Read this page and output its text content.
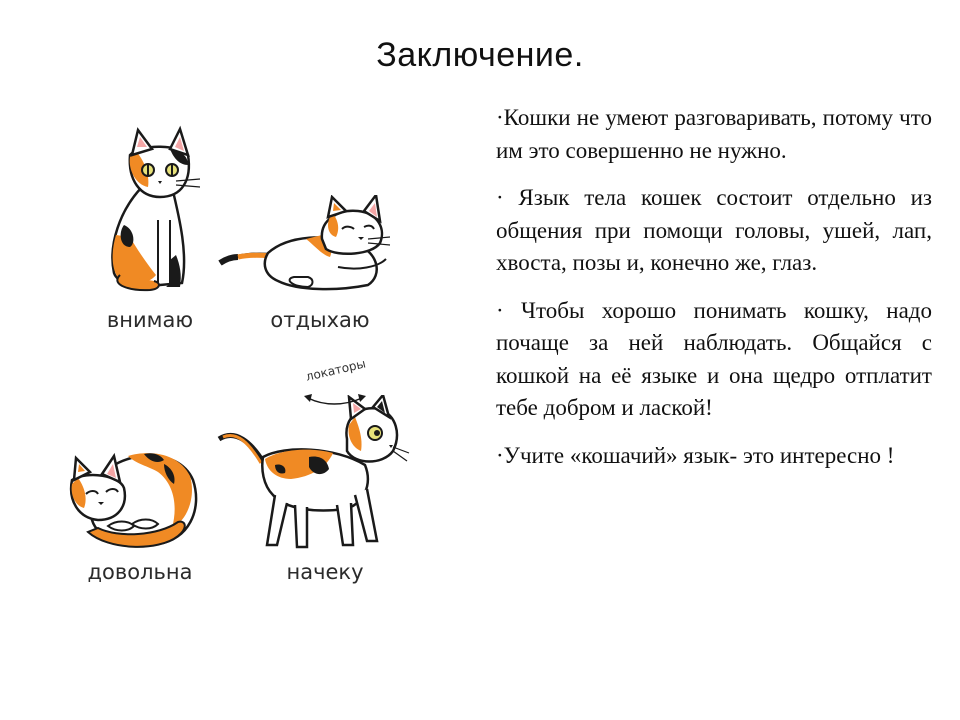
Заключение.

·Кошки не умеют разговаривать, потому что им это совершенно не нужно.

· Язык тела кошек состоит отдельно из общения при помощи головы, ушей, лап, хвоста, позы и, конечно же, глаз.

· Чтобы хорошо понимать кошку, надо почаще за ней наблюдать. Общайся с кошкой на её языке и она щедро отплатит тебе добром и лаской!

·Учите «кошачий» язык- это интересно !

внимаю	отдыхаю
довольна
локаторы
начеку
